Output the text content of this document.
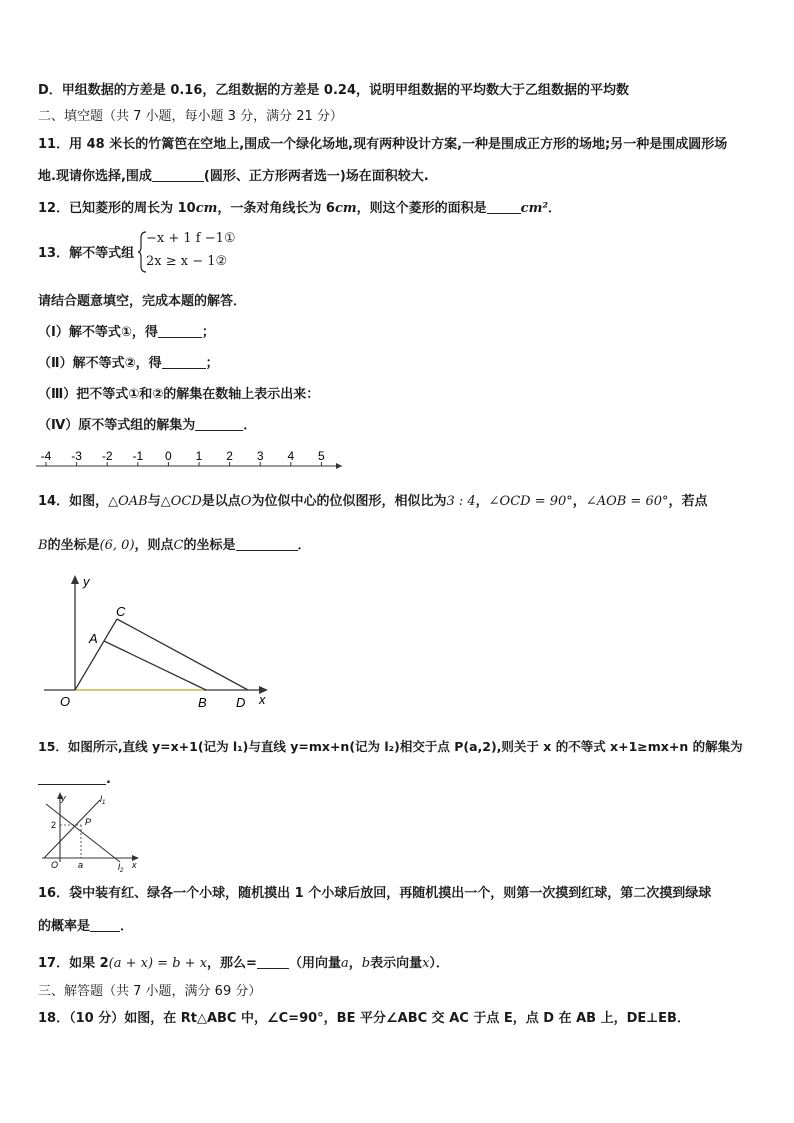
D．甲组数据的方差是 0.16，乙组数据的方差是 0.24，说明甲组数据的平均数大于乙组数据的平均数
二、填空题（共 7 小题，每小题 3 分，满分 21 分）
11．用 48 米长的竹篱笆在空地上,围成一个绿化场地,现有两种设计方案,一种是围成正方形的场地;另一种是围成圆形场
地.现请你选择,围成	(圆形、正方形两者选一)场在面积较大.
12．已知菱形的周长为 10cm，一条对角线长为 6cm，则这个菱形的面积是	cm²．
13．解不等式组
−x + 1 f −1①
2x ≥ x − 1②
请结合题意填空，完成本题的解答．
（Ⅰ）解不等式①，得	；
（Ⅱ）解不等式②，得	；
（Ⅲ）把不等式①和②的解集在数轴上表示出来：
（Ⅳ）原不等式组的解集为	．
-4 -3 -2 -1 0 1 2 3 4 5
14．如图，△OAB与△OCD是以点O为位似中心的位似图形，相似比为3 : 4，∠OCD = 90°，∠AOB = 60°，若点
B的坐标是(6, 0)，则点C的坐标是	．
y
x
O
A
C
B D
15．如图所示,直线 y=x+1(记为 l₁)与直线 y=mx+n(记为 l₂)相交于点 P(a,2),则关于 x 的不等式 x+1≥mx+n 的解集为
.
y
x
O a
2	P
$l_1$
$l_2$
16．袋中装有红、绿各一个小球，随机摸出 1 个小球后放回，再随机摸出一个，则第一次摸到红球，第二次摸到绿球
的概率是 ．
17．如果 2(a + x) = b + x，那么= （用向量a，b表示向量x）．
三、解答题（共 7 小题，满分 69 分）
18．（10 分）如图，在 Rt△ABC 中，∠C=90°，BE 平分∠ABC 交 AC 于点 E，点 D 在 AB 上，DE⊥EB．
